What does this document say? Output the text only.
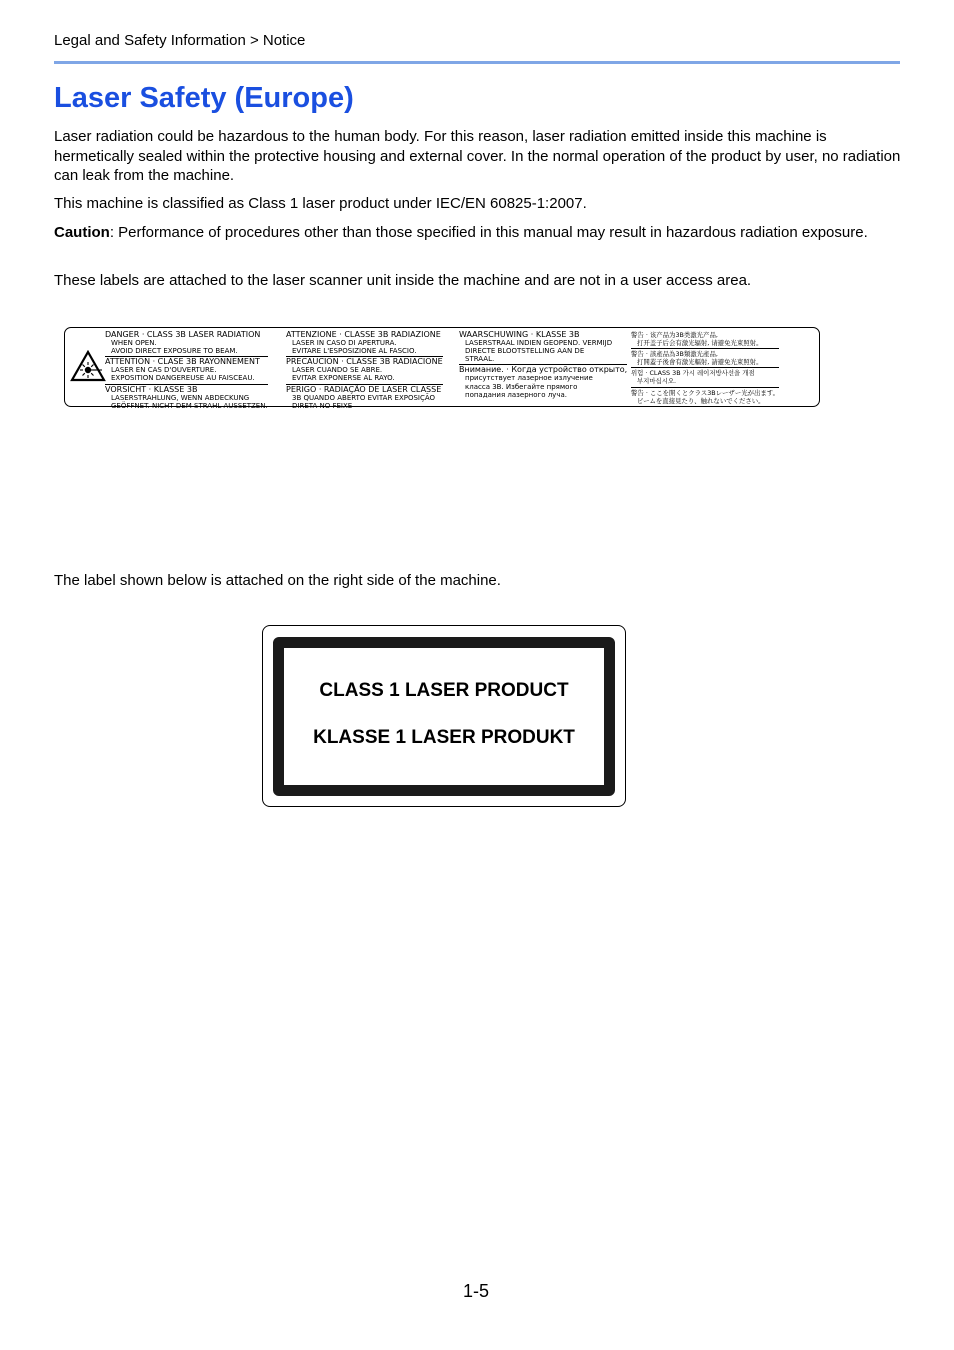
Legal and Safety Information > Notice
Laser Safety (Europe)

Laser radiation could be hazardous to the human body. For this reason, laser radiation emitted inside this machine is hermetically sealed within the protective housing and external cover. In the normal operation of the product by user, no radiation can leak from the machine.

This machine is classified as Class 1 laser product under IEC/EN 60825-1:2007.

Caution: Performance of procedures other than those specified in this manual may result in hazardous radiation exposure.

These labels are attached to the laser scanner unit inside the machine and are not in a user access area.

DANGER · CLASS 3B LASER RADIATION
WHEN OPEN.
AVOID DIRECT EXPOSURE TO BEAM.
ATTENTION · CLASE 3B RAYONNEMENT
LASER EN CAS D'OUVERTURE.
EXPOSITION DANGEREUSE AU FAISCEAU.
VORSICHT · KLASSE 3B
LASERSTRAHLUNG, WENN ABDECKUNG
GEÖFFNET. NICHT DEM STRAHL AUSSETZEN.
ATTENZIONE · CLASSE 3B RADIAZIONE
LASER IN CASO DI APERTURA.
EVITARE L'ESPOSIZIONE AL FASCIO.
PRECAUCION · CLASSE 3B RADIACIONE
LASER CUANDO SE ABRE.
EVITAR EXPONERSE AL RAYO.
PERIGO · RADIAÇÃO DE LASER CLASSE
3B QUANDO ABERTO EVITAR EXPOSIÇÃO
DIRETA NO FEIXE
WAARSCHUWING · KLASSE 3B
LASERSTRAAL INDIEN GEOPEND. VERMIJD
DIRECTE BLOOTSTELLING AAN DE
STRAAL.
Внимание. · Когда устройство открыто,
присутствует лазерное излучение
класса 3B. Избегайте прямого
попадания лазерного луча.
警告 · 该产品为3B类激光产品,
打开盖子后会有激光辐射, 请避免光束照射。
警告 · 該產品為3B類激光產品,
打開蓋子後會有激光輻射, 請避免光束照射。
위험 · CLASS 3B 가시 레이저방사선을 개점
부지마십시오.
警告 · ここを開くとクラス3Bレーザー光が出ます。
ビームを直接見たり、触れないでください。

The label shown below is attached on the right side of the machine.

CLASS 1 LASER PRODUCT
KLASSE 1 LASER PRODUKT
1-5
